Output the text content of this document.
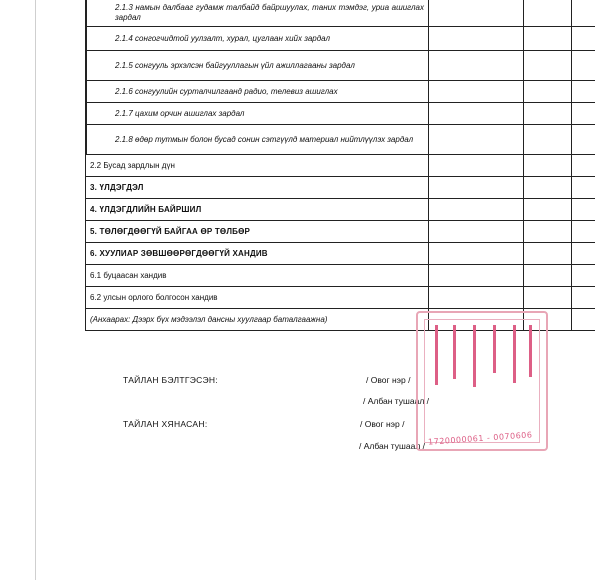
2.1.3 намын далбааг гудамж талбайд байршуулах, таних тэмдэг, уриа ашиглах зардал			
2.1.4 сонгогчидтой уулзалт, хурал, цуглаан хийх зардал			
2.1.5 сонгууль эрхэлсэн байгууллагын үйл ажиллагааны зардал			
2.1.6 сонгуулийн сурталчилгаанд радио, телевиз ашиглах			
2.1.7 цахим орчин ашиглах зардал			
2.1.8 өдөр тутмын болон бусад сонин сэтгүүлд материал нийтлүүлэх зардал			
2.2 Бусад зардлын дүн			
3. ҮЛДЭГДЭЛ			
4. ҮЛДЭГДЛИЙН БАЙРШИЛ			
5. ТӨЛӨГДӨӨГҮЙ БАЙГАА ӨР ТӨЛБӨР			
6. ХУУЛИАР ЗӨВШӨӨРӨГДӨӨГҮЙ ХАНДИВ			
6.1 буцаасан хандив			
6.2 улсын орлого болгосон хандив			
(Анхаарах: Дээрх бүх мэдээлэл дансны хуулгаар баталгаажна)			
ТАЙЛАН БЭЛТГЭСЭН:	/ Овог нэр /
/ Албан тушаал /
ТАЙЛАН ХЯНАСАН:	/ Овог нэр /
/ Албан тушаал / 1720000061 - 0070606
